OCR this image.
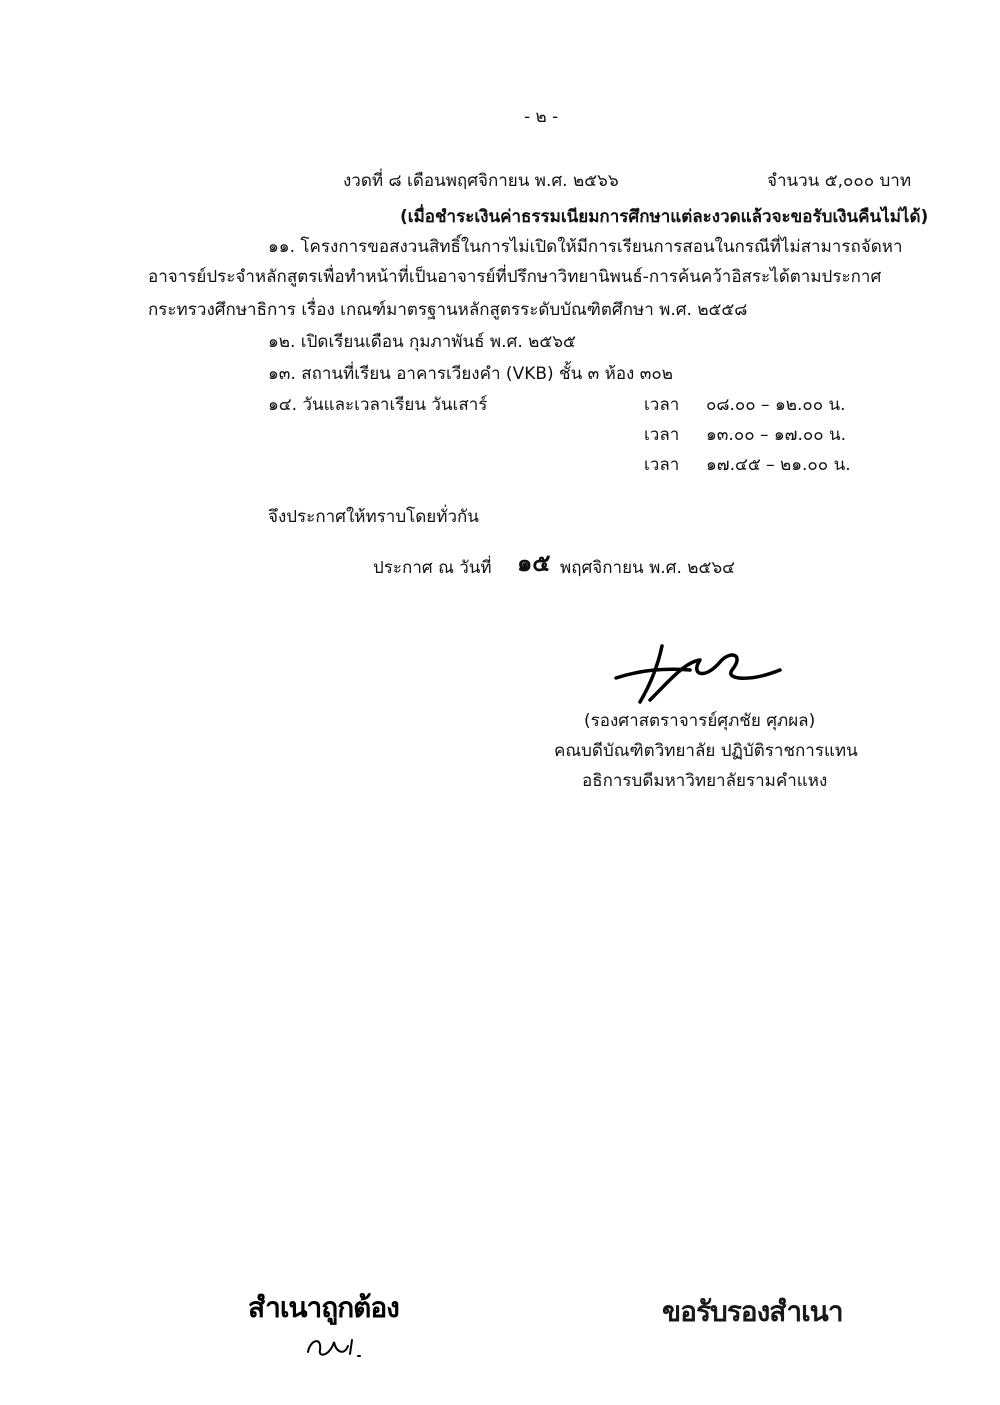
- ๒ -
งวดที่ ๘ เดือนพฤศจิกายน พ.ศ. ๒๕๖๖	จำนวน ๕,๐๐๐ บาท
(เมื่อชำระเงินค่าธรรมเนียมการศึกษาแต่ละงวดแล้วจะขอรับเงินคืนไม่ได้)
๑๑. โครงการขอสงวนสิทธิ์ในการไม่เปิดให้มีการเรียนการสอนในกรณีที่ไม่สามารถจัดหา
อาจารย์ประจำหลักสูตรเพื่อทำหน้าที่เป็นอาจารย์ที่ปรึกษาวิทยานิพนธ์-การค้นคว้าอิสระได้ตามประกาศ
กระทรวงศึกษาธิการ เรื่อง เกณฑ์มาตรฐานหลักสูตรระดับบัณฑิตศึกษา พ.ศ. ๒๕๕๘
๑๒. เปิดเรียนเดือน กุมภาพันธ์ พ.ศ. ๒๕๖๕
๑๓. สถานที่เรียน อาคารเวียงคำ (VKB) ชั้น ๓ ห้อง ๓๐๒
๑๔. วันและเวลาเรียน วันเสาร์	เวลา ๐๘.๐๐ – ๑๒.๐๐ น.
เวลา ๑๓.๐๐ – ๑๗.๐๐ น.
เวลา ๑๗.๔๕ – ๒๑.๐๐ น.
จึงประกาศให้ทราบโดยทั่วกัน
ประกาศ ณ วันที่ ๑๕ พฤศจิกายน พ.ศ. ๒๕๖๔
(รองศาสตราจารย์ศุภชัย ศุภผล)
คณบดีบัณฑิตวิทยาลัย ปฏิบัติราชการแทน
อธิการบดีมหาวิทยาลัยรามคำแหง
สำเนาถูกต้อง	ขอรับรองสำเนา
